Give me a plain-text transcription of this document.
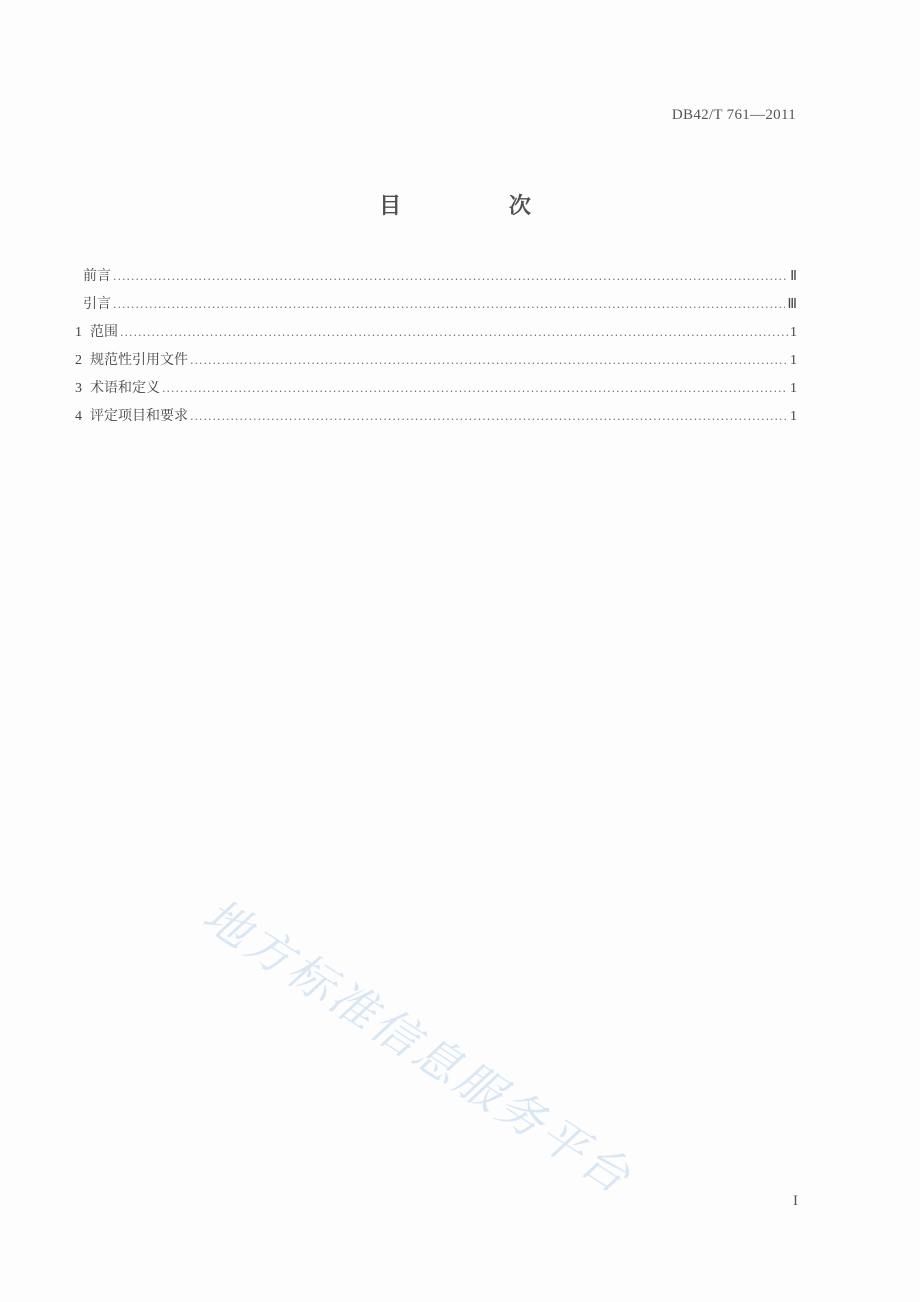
DB42/T 761—2011
目 次
前言 .....	Ⅱ
引言 .....	Ⅲ
1 范围 .....	1
2 规范性引用文件 .....	1
3 术语和定义 .....	1
4 评定项目和要求 .....	1
地方标准信息服务平台	I
